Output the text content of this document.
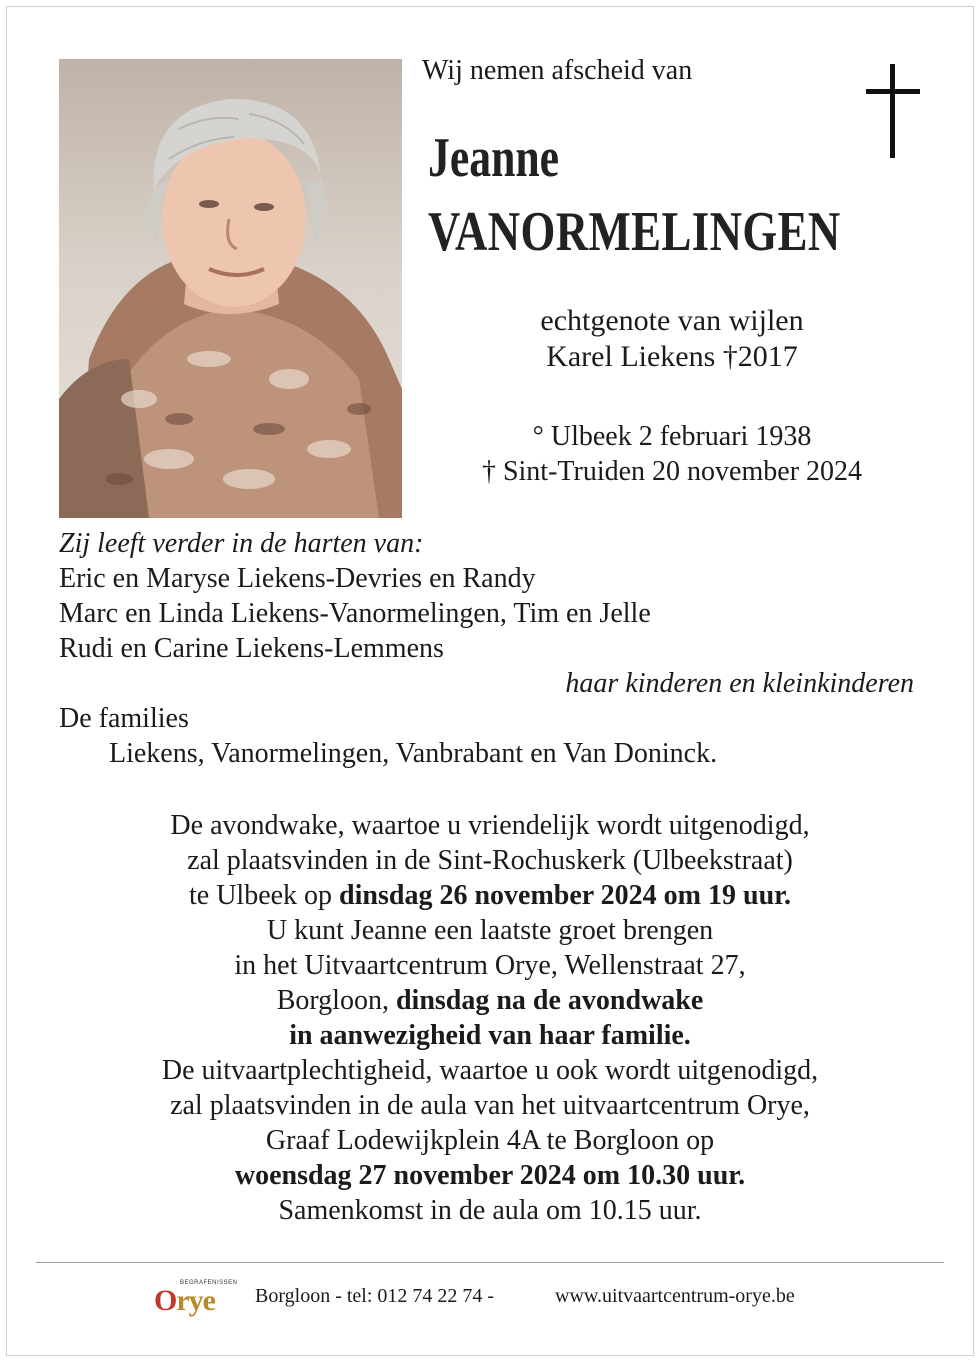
Wij nemen afscheid van
Jeanne
VANORMELINGEN
echtgenote van wijlen
Karel Liekens †2017
° Ulbeek 2 februari 1938
† Sint-Truiden 20 november 2024
Zij leeft verder in de harten van:
Eric en Maryse Liekens-Devries en Randy
Marc en Linda Liekens-Vanormelingen, Tim en Jelle
Rudi en Carine Liekens-Lemmens
haar kinderen en kleinkinderen
De families
Liekens, Vanormelingen, Vanbrabant en Van Doninck.
De avondwake, waartoe u vriendelijk wordt uitgenodigd,
zal plaatsvinden in de Sint-Rochuskerk (Ulbeekstraat)
te Ulbeek op dinsdag 26 november 2024 om 19 uur.
U kunt Jeanne een laatste groet brengen
in het Uitvaartcentrum Orye, Wellenstraat 27,
Borgloon, dinsdag na de avondwake
in aanwezigheid van haar familie.
De uitvaartplechtigheid, waartoe u ook wordt uitgenodigd,
zal plaatsvinden in de aula van het uitvaartcentrum Orye,
Graaf Lodewijkplein 4A te Borgloon op
woensdag 27 november 2024 om 10.30 uur.
Samenkomst in de aula om 10.15 uur.
BEGRAFENISSEN
Orye Borgloon - tel: 012 74 22 74 -	www.uitvaartcentrum-orye.be
